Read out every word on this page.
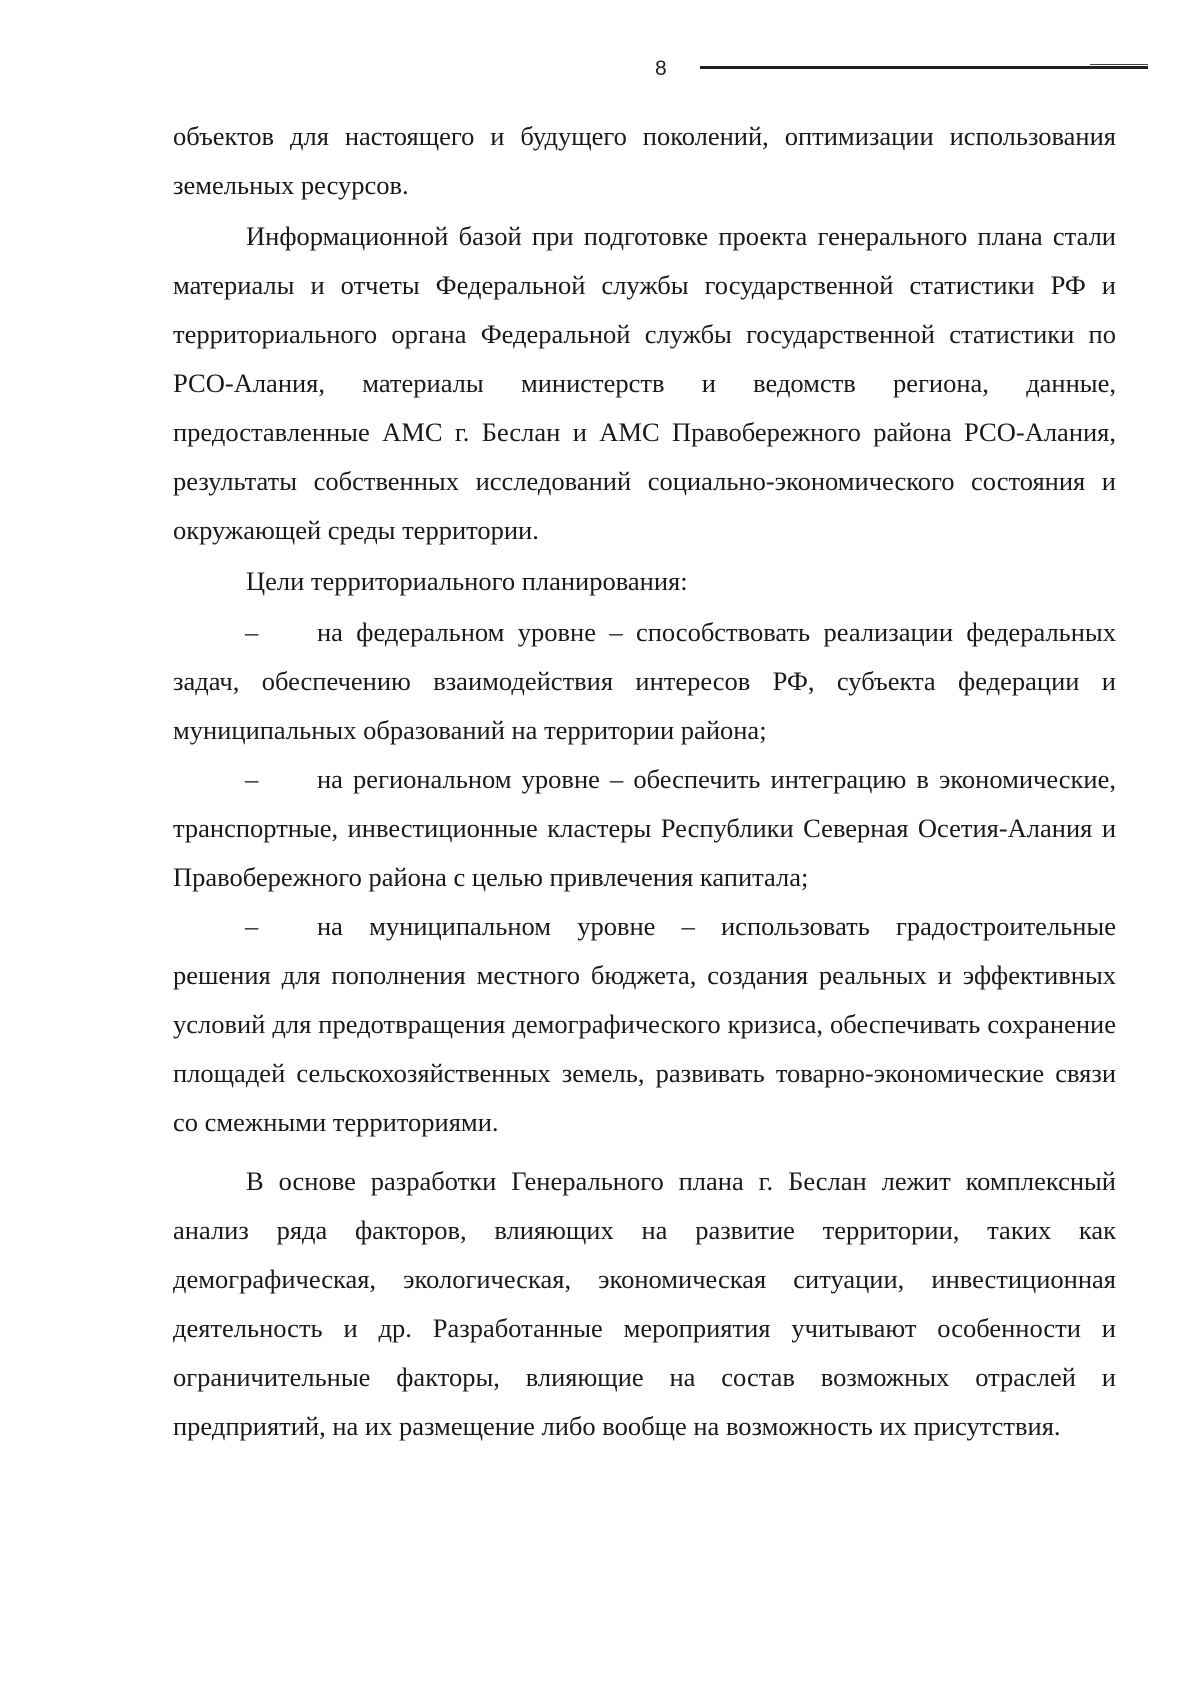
8

объектов для настоящего и будущего поколений, оптимизации использования земельных ресурсов.

Информационной базой при подготовке проекта генерального плана стали материалы и отчеты Федеральной службы государственной статистики РФ и территориального органа Федеральной службы государственной статистики по РСО-Алания, материалы министерств и ведомств региона, данные, предоставленные АМС г. Беслан и АМС Правобережного района РСО-Алания, результаты собственных исследований социально-экономического состояния и окружающей среды территории.

Цели территориального планирования:

– на федеральном уровне – способствовать реализации федеральных задач, обеспечению взаимодействия интересов РФ, субъекта федерации и муниципальных образований на территории района;

– на региональном уровне – обеспечить интеграцию в экономические, транспортные, инвестиционные кластеры Республики Северная Осетия-Алания и Правобережного района с целью привлечения капитала;

– на муниципальном уровне – использовать градостроительные решения для пополнения местного бюджета, создания реальных и эффективных условий для предотвращения демографического кризиса, обеспечивать сохранение площадей сельскохозяйственных земель, развивать товарно-экономические связи со смежными территориями.

В основе разработки Генерального плана г. Беслан лежит комплексный анализ ряда факторов, влияющих на развитие территории, таких как демографическая, экологическая, экономическая ситуации, инвестиционная деятельность и др. Разработанные мероприятия учитывают особенности и ограничительные факторы, влияющие на состав возможных отраслей и предприятий, на их размещение либо вообще на возможность их присутствия.
